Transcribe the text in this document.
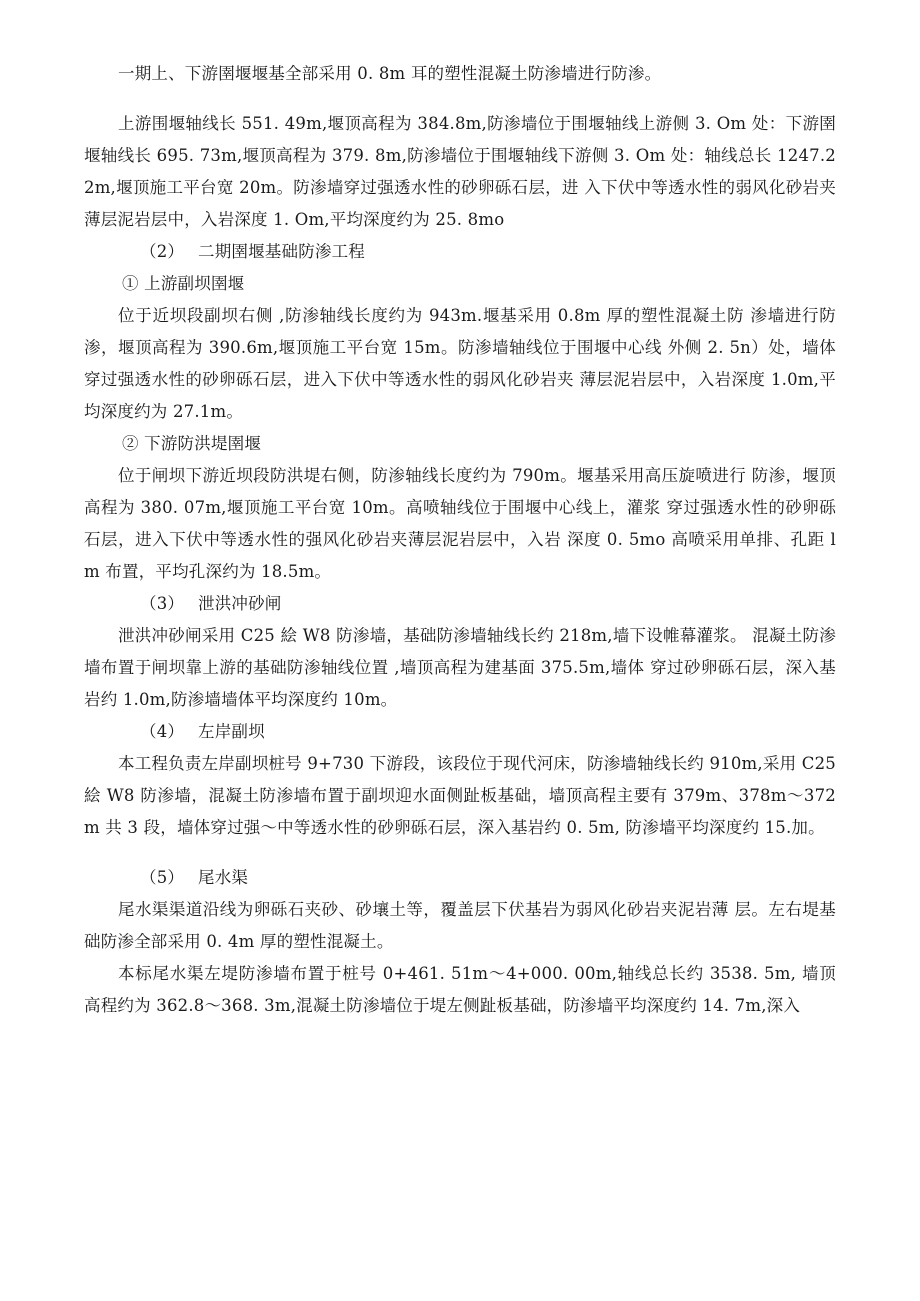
一期上、下游圉堰堰基全部采用 0. 8m 耳的塑性混凝土防渗墙进行防渗。

上游围堰轴线长 551. 49m,堰顶高程为 384.8m,防渗墙位于围堰轴线上游侧 3. Om 处：下游圉堰轴线长 695. 73m,堰顶高程为 379. 8m,防渗墙位于围堰轴线下游侧 3. Om 处：轴线总长 1247.22m,堰顶施工平台宽 20m。防渗墙穿过强透水性的砂卵砾石层，进 入下伏中等透水性的弱风化砂岩夹薄层泥岩层中，入岩深度 1. Om,平均深度约为 25. 8mo

（2）　 二期圉堰基础防渗工程

① 上游副坝圉堰

位于近坝段副坝右侧 ,防渗轴线长度约为 943m.堰基采用 0.8m 厚的塑性混凝土防 渗墙进行防渗，堰顶高程为 390.6m,堰顶施工平台宽 15m。防渗墙轴线位于围堰中心线 外侧 2. 5n）处，墙体穿过强透水性的砂卵砾石层，进入下伏中等透水性的弱风化砂岩夹 薄层泥岩层中，入岩深度 1.0m,平均深度约为 27.1m。

② 下游防洪堤圉堰

位于闸坝下游近坝段防洪堤右侧，防渗轴线长度约为 790m。堰基采用高压旋喷进行 防渗，堰顶高程为 380. 07m,堰顶施工平台宽 10m。高喷轴线位于围堰中心线上，灌浆 穿过强透水性的砂卵砾石层，进入下伏中等透水性的强风化砂岩夹薄层泥岩层中，入岩 深度 0. 5mo 高喷采用单排、孔距 lm 布置，平均孔深约为 18.5m。

（3）　 泄洪冲砂闸

泄洪冲砂闸采用 C25 絵 W8 防渗墙，基础防渗墙轴线长约 218m,墙下设帷幕灌浆。 混凝土防渗墙布置于闸坝靠上游的基础防渗轴线位置 ,墙顶高程为建基面 375.5m,墙体 穿过砂卵砾石层，深入基岩约 1.0m,防渗墙墙体平均深度约 10m。

（4）　 左岸副坝

本工程负责左岸副坝桩号 9+730 下游段，该段位于现代河床，防渗墙轴线长约 910m,采用 C25 絵 W8 防渗墙，混凝土防渗墙布置于副坝迎水面侧趾板基础，墙顶高程主要有 379m、378m～372m 共 3 段，墙体穿过强～中等透水性的砂卵砾石层，深入基岩约 0. 5m, 防渗墙平均深度约 15.加。

（5）　 尾水渠

尾水渠渠道沿线为卵砾石夹砂、砂壤土等，覆盖层下伏基岩为弱风化砂岩夹泥岩薄 层。左右堤基础防渗全部采用 0. 4m 厚的塑性混凝土。

本标尾水渠左堤防渗墙布置于桩号 0+461. 51m～4+000. 00m,轴线总长约 3538. 5m, 墙顶高程约为 362.8～368. 3m,混凝土防渗墙位于堤左侧趾板基础，防渗墙平均深度约 14. 7m,深入
